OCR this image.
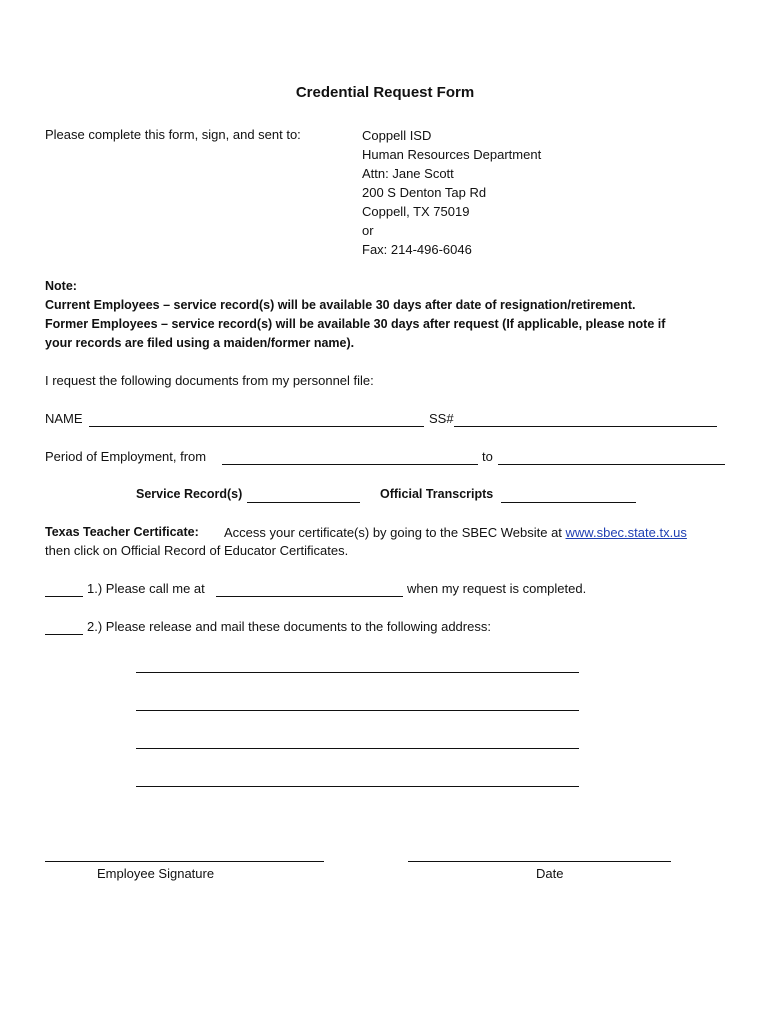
Credential Request Form
Please complete this form, sign, and sent to:	Coppell ISD
Human Resources Department
Attn: Jane Scott
200 S Denton Tap Rd
Coppell, TX 75019
or
Fax: 214-496-6046
Note:
Current Employees – service record(s) will be available 30 days after date of resignation/retirement.
Former Employees – service record(s) will be available 30 days after request (If applicable, please note if
your records are filed using a maiden/former name).
I request the following documents from my personnel file:
NAME	SS#
Period of Employment, from	to
Service Record(s)	Official Transcripts
Texas Teacher Certificate: Access your certificate(s) by going to the SBEC Website at www.sbec.state.tx.us
then click on Official Record of Educator Certificates.
1.) Please call me at	when my request is completed.
2.) Please release and mail these documents to the following address:
Employee Signature	Date
